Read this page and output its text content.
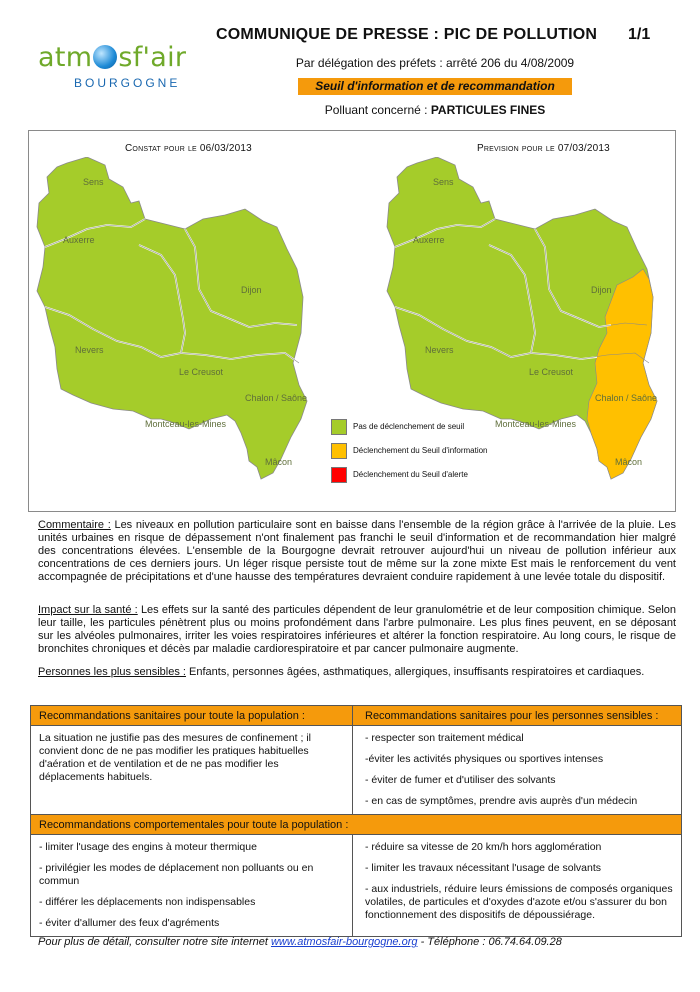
atm sf'air
BOURGOGNE
COMMUNIQUE DE PRESSE : PIC DE POLLUTION 1/1
Par délégation des préfets : arrêté 206 du 4/08/2009
Seuil d'information et de recommandation
Polluant concerné : PARTICULES FINES
Constat pour le 06/03/2013	Prevision pour le 07/03/2013
Sens
Auxerre
Dijon
Nevers
Le Creusot
Chalon / Saône
Montceau-les-Mines
Mâcon
Pas de déclenchement de seuil
Déclenchement du Seuil d'information
Déclenchement du Seuil d'alerte
Sens
Auxerre
Dijon
Nevers
Le Creusot
Chalon / Saône
Montceau-les-Mines
Mâcon
Commentaire : Les niveaux en pollution particulaire sont en baisse dans l'ensemble de la région grâce à l'arrivée de la pluie. Les unités urbaines en risque de dépassement n'ont finalement pas franchi le seuil d'information et de recommandation hier malgré des concentrations élevées. L'ensemble de la Bourgogne devrait retrouver aujourd'hui un niveau de pollution inférieur aux concentrations de ces derniers jours. Un léger risque persiste tout de même sur la zone mixte Est mais le renforcement du vent accompagnée de précipitations et d'une hausse des températures devraient conduire rapidement à une levée totale du dispositif.
Impact sur la santé : Les effets sur la santé des particules dépendent de leur granulométrie et de leur composition chimique. Selon leur taille, les particules pénètrent plus ou moins profondément dans l'arbre pulmonaire. Les plus fines peuvent, en se déposant sur les alvéoles pulmonaires, irriter les voies respiratoires inférieures et altérer la fonction respiratoire. Au long cours, le risque de bronchites chroniques et décès par maladie cardiorespiratoire et par cancer pulmonaire augmente.
Personnes les plus sensibles : Enfants, personnes âgées, asthmatiques, allergiques, insuffisants respiratoires et cardiaques.
Recommandations sanitaires pour toute la population :	Recommandations sanitaires pour les personnes sensibles :
La situation ne justifie pas des mesures de confinement ; il convient donc de ne pas modifier les pratiques habituelles d'aération et de ventilation et de ne pas modifier les déplacements habituels.
- respecter son traitement médical
-éviter les activités physiques ou sportives intenses
- éviter de fumer et d'utiliser des solvants
- en cas de symptômes, prendre avis auprès d'un médecin
Recommandations comportementales pour toute la population :
- limiter l'usage des engins à moteur thermique
- privilégier les modes de déplacement non polluants ou en commun
- différer les déplacements non indispensables
- éviter d'allumer des feux d'agréments
- réduire sa vitesse de 20 km/h hors agglomération
- limiter les travaux nécessitant l'usage de solvants
- aux industriels, réduire leurs émissions de composés organiques volatiles, de particules et d'oxydes d'azote et/ou s'assurer du bon fonctionnement des dispositifs de dépoussiérage.
Pour plus de détail, consulter notre site internet www.atmosfair-bourgogne.org - Téléphone : 06.74.64.09.28
